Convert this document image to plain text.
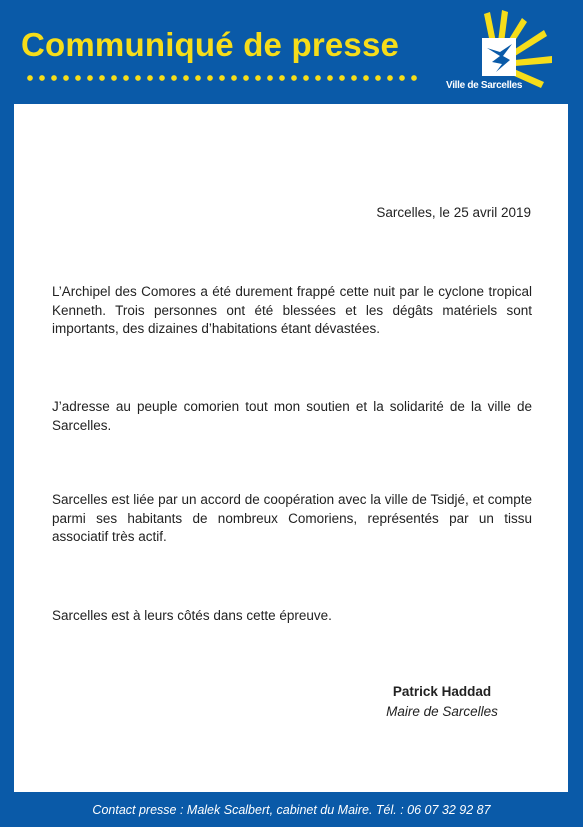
Communiqué de presse
Ville de Sarcelles
Sarcelles, le 25 avril 2019
L’Archipel des Comores a été durement frappé cette nuit par le cyclone tropical Kenneth. Trois personnes ont été blessées et les dégâts matériels sont importants, des dizaines d’habitations étant dévastées.
J’adresse au peuple comorien tout mon soutien et la solidarité de la ville de Sarcelles.
Sarcelles est liée par un accord de coopération avec la ville de Tsidjé, et compte parmi ses habitants de nombreux Comoriens, représentés par un tissu associatif très actif.
Sarcelles est à leurs côtés dans cette épreuve.
Patrick Haddad
Maire de Sarcelles
Contact presse : Malek Scalbert, cabinet du Maire. Tél. : 06 07 32 92 87
